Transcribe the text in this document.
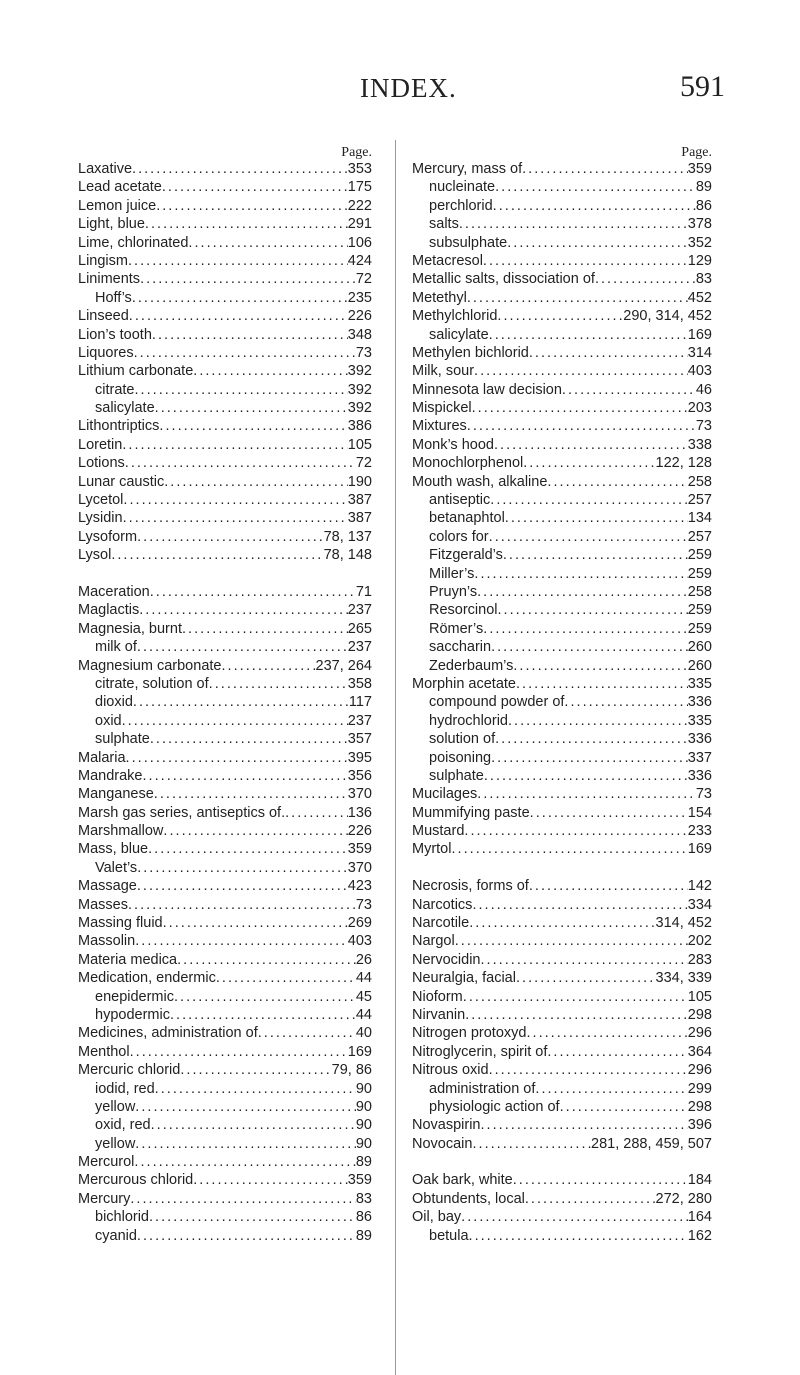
INDEX.	591
Page.
Laxative . . .	353
Lead acetate . . .	175
Lemon juice . . .	222
Light, blue . . .	291
Lime, chlorinated . . .	106
Lingism . . .	424
Liniments . . .	72
Hoff’s . . .	235
Linseed . . .	226
Lion’s tooth . . .	348
Liquores . . .	73
Lithium carbonate . . .	392
citrate . . .	392
salicylate . . .	392
Lithontriptics . . .	386
Loretin . . .	105
Lotions . . .	72
Lunar caustic . . .	190
Lycetol . . .	387
Lysidin . . .	387
Lysoform . . .	78, 137
Lysol . . .	78, 148
Maceration . . .	71
Maglactis . . .	237
Magnesia, burnt . . .	265
milk of . . .	237
Magnesium carbonate . . .	237, 264
citrate, solution of . . .	358
dioxid . . .	117
oxid . . .	237
sulphate . . .	357
Malaria . . .	395
Mandrake . . .	356
Manganese . . .	370
Marsh gas series, antiseptics of. . . .	136
Marshmallow . . .	226
Mass, blue . . .	359
Valet’s . . .	370
Massage . . .	423
Masses . . .	73
Massing fluid . . .	269
Massolin . . .	403
Materia medica . . .	26
Medication, endermic . . .	44
enepidermic . . .	45
hypodermic . . .	44
Medicines, administration of . . .	40
Menthol . . .	169
Mercuric chlorid . . .	79, 86
iodid, red . . .	90
yellow . . .	90
oxid, red . . .	90
yellow . . .	90
Mercurol . . .	89
Mercurous chlorid . . .	359
Mercury . . .	83
bichlorid . . .	86
cyanid . . .	89
Page.
Mercury, mass of . . .	359
nucleinate . . .	89
perchlorid . . .	86
salts . . .	378
subsulphate . . .	352
Metacresol . . .	129
Metallic salts, dissociation of . . .	83
Metethyl . . .	452
Methylchlorid . . .	290, 314, 452
salicylate . . .	169
Methylen bichlorid . . .	314
Milk, sour . . .	403
Minnesota law decision . . .	46
Mispickel . . .	203
Mixtures . . .	73
Monk’s hood . . .	338
Monochlorphenol . . .	122, 128
Mouth wash, alkaline . . .	258
antiseptic . . .	257
betanaphtol . . .	134
colors for . . .	257
Fitzgerald’s . . .	259
Miller’s . . .	259
Pruyn’s . . .	258
Resorcinol . . .	259
Römer’s . . .	259
saccharin . . .	260
Zederbaum’s . . .	260
Morphin acetate . . .	335
compound powder of . . .	336
hydrochlorid . . .	335
solution of . . .	336
poisoning . . .	337
sulphate . . .	336
Mucilages . . .	73
Mummifying paste . . .	154
Mustard . . .	233
Myrtol . . .	169
Necrosis, forms of . . .	142
Narcotics . . .	334
Narcotile . . .	314, 452
Nargol . . .	202
Nervocidin . . .	283
Neuralgia, facial . . .	334, 339
Nioform . . .	105
Nirvanin . . .	298
Nitrogen protoxyd . . .	296
Nitroglycerin, spirit of . . .	364
Nitrous oxid . . .	296
administration of . . .	299
physiologic action of . . .	298
Novaspirin . . .	396
Novocain . . .	281, 288, 459, 507
Oak bark, white . . .	184
Obtundents, local . . .	272, 280
Oil, bay . . .	164
betula . . .	162
